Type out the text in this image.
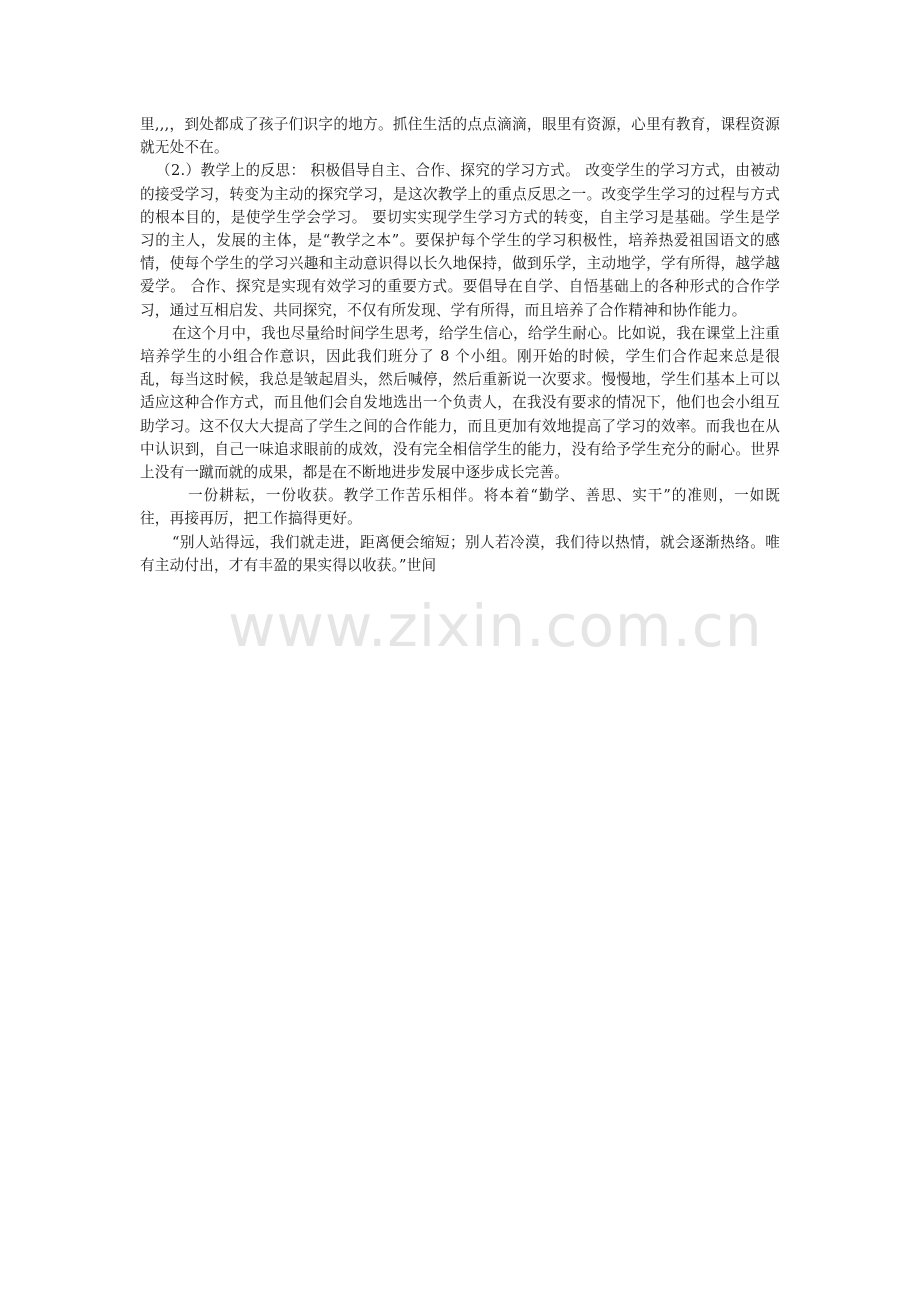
里,,,，到处都成了孩子们识字的地方。抓住生活的点点滴滴，眼里有资源，心里有教育，课程资源就无处不在。

（2.）教学上的反思： 积极倡导自主、合作、探究的学习方式。 改变学生的学习方式，由被动的接受学习，转变为主动的探究学习，是这次教学上的重点反思之一。改变学生学习的过程与方式的根本目的，是使学生学会学习。 要切实实现学生学习方式的转变，自主学习是基础。学生是学习的主人，发展的主体，是“教学之本”。要保护每个学生的学习积极性，培养热爱祖国语文的感情，使每个学生的学习兴趣和主动意识得以长久地保持，做到乐学，主动地学，学有所得，越学越爱学。 合作、探究是实现有效学习的重要方式。要倡导在自学、自悟基础上的各种形式的合作学习，通过互相启发、共同探究，不仅有所发现、学有所得，而且培养了合作精神和协作能力。

在这个月中，我也尽量给时间学生思考，给学生信心，给学生耐心。比如说，我在课堂上注重培养学生的小组合作意识，因此我们班分了 8 个小组。刚开始的时候，学生们合作起来总是很乱，每当这时候，我总是皱起眉头，然后喊停，然后重新说一次要求。慢慢地，学生们基本上可以适应这种合作方式，而且他们会自发地选出一个负责人，在我没有要求的情况下，他们也会小组互助学习。这不仅大大提高了学生之间的合作能力，而且更加有效地提高了学习的效率。而我也在从中认识到，自己一味追求眼前的成效，没有完全相信学生的能力，没有给予学生充分的耐心。世界上没有一蹴而就的成果，都是在不断地进步发展中逐步成长完善。

一份耕耘，一份收获。教学工作苦乐相伴。将本着“勤学、善思、实干”的准则，一如既往，再接再厉，把工作搞得更好。

“别人站得远，我们就走进，距离便会缩短；别人若冷漠，我们待以热情，就会逐渐热络。唯有主动付出，才有丰盈的果实得以收获。”世间

www.zixin.com.cn
